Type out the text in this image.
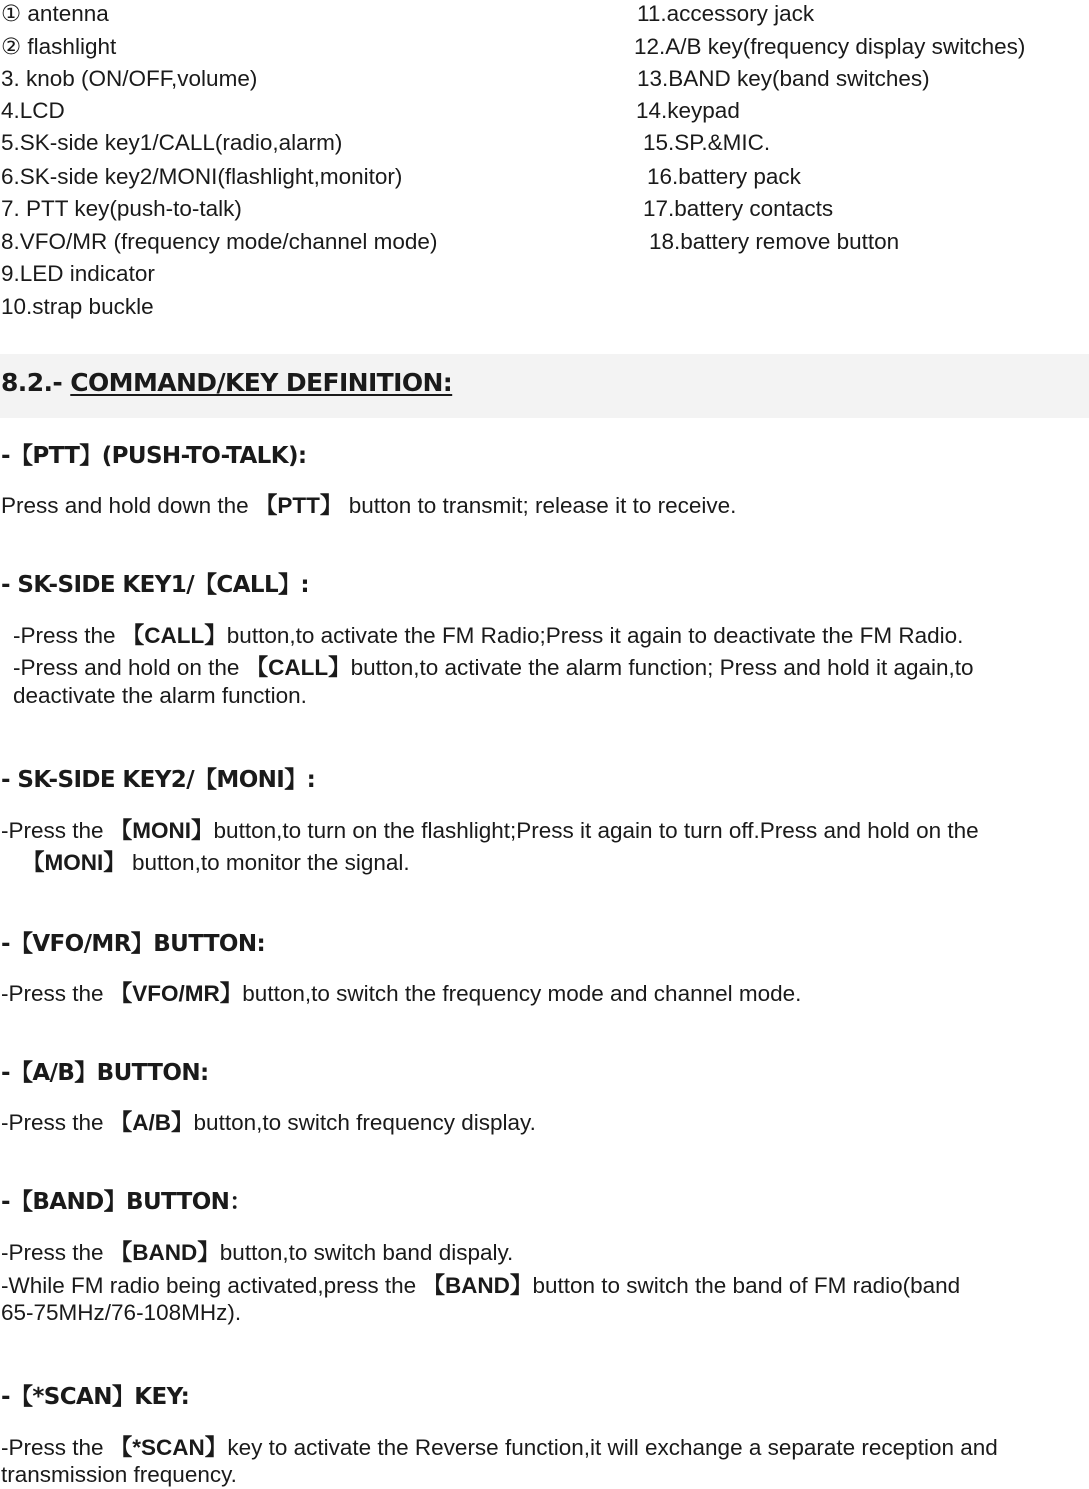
① antenna
② flashlight
3. knob (ON/OFF,volume)
4.LCD
5.SK-side key1/CALL(radio,alarm)
6.SK-side key2/MONI(flashlight,monitor)
7. PTT key(push-to-talk)
8.VFO/MR (frequency mode/channel mode)
9.LED indicator
10.strap buckle
11.accessory jack
12.A/B key(frequency display switches)
13.BAND key(band switches)
14.keypad
15.SP.&MIC.
16.battery pack
17.battery contacts
18.battery remove button
8.2.- COMMAND/KEY DEFINITION:
-【PTT】(PUSH-TO-TALK):
Press and hold down the 【PTT】 button to transmit; release it to receive.
- SK-SIDE KEY1/【CALL】:
-Press the 【CALL】button,to activate the FM Radio;Press it again to deactivate the FM Radio.
-Press and hold on the 【CALL】button,to activate the alarm function; Press and hold it again,to
deactivate the alarm function.
- SK-SIDE KEY2/【MONI】:
-Press the 【MONI】button,to turn on the flashlight;Press it again to turn off.Press and hold on the
【MONI】 button,to monitor the signal.
-【VFO/MR】BUTTON:
-Press the 【VFO/MR】button,to switch the frequency mode and channel mode.
-【A/B】BUTTON:
-Press the 【A/B】button,to switch frequency display.
-【BAND】BUTTON：
-Press the 【BAND】button,to switch band dispaly.
-While FM radio being activated,press the 【BAND】button to switch the band of FM radio(band
65-75MHz/76-108MHz).
-【*SCAN】KEY:
-Press the 【*SCAN】key to activate the Reverse function,it will exchange a separate reception and
transmission frequency.
